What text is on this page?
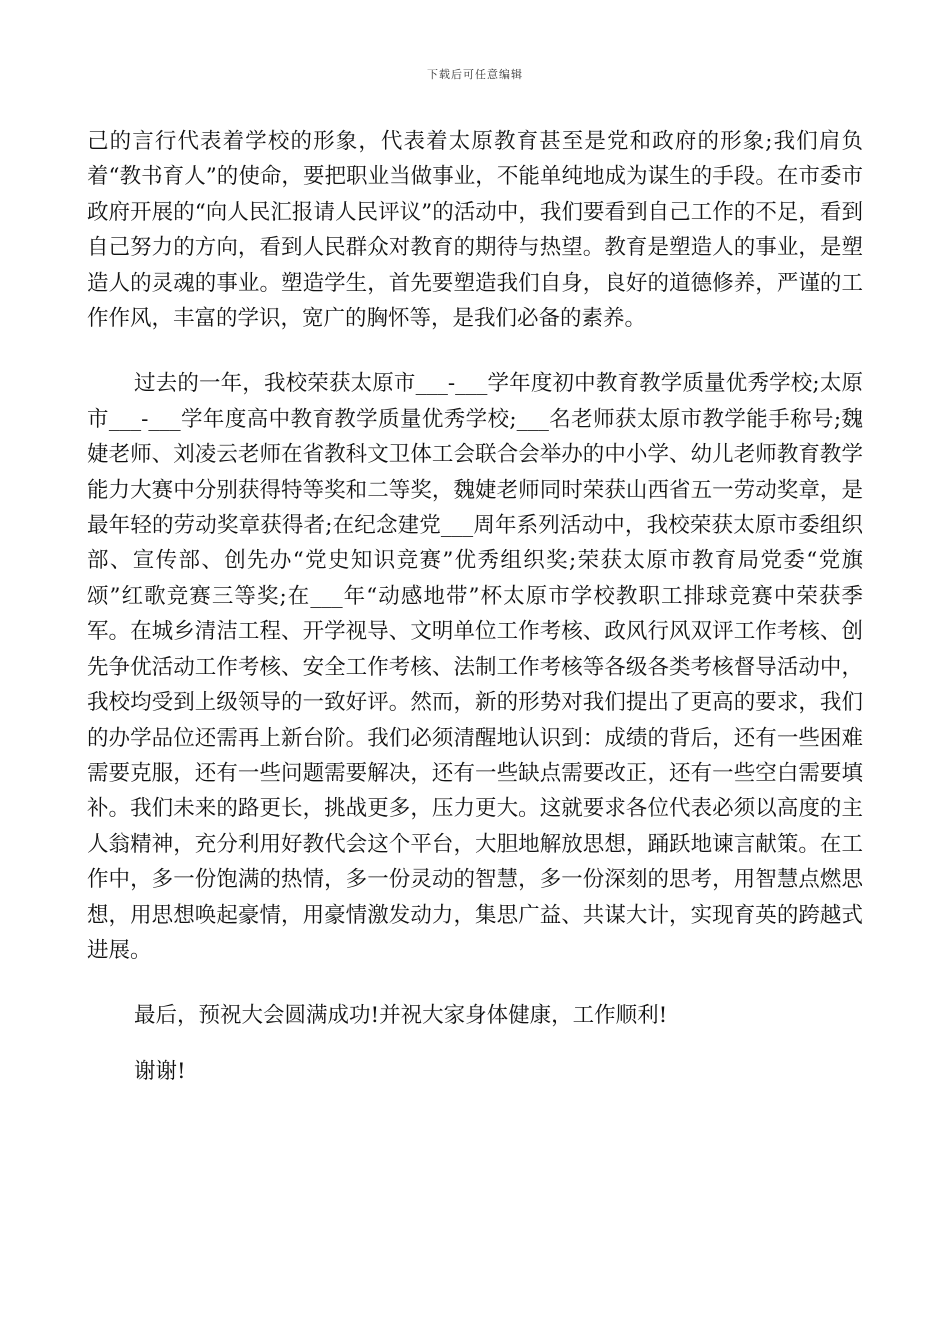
下载后可任意编辑

己的言行代表着学校的形象，代表着太原教育甚至是党和政府的形象;我们肩负着“教书育人”的使命，要把职业当做事业，不能单纯地成为谋生的手段。在市委市政府开展的“向人民汇报请人民评议”的活动中，我们要看到自己工作的不足，看到自己努力的方向，看到人民群众对教育的期待与热望。教育是塑造人的事业，是塑造人的灵魂的事业。塑造学生，首先要塑造我们自身，良好的道德修养，严谨的工作作风，丰富的学识，宽广的胸怀等，是我们必备的素养。

过去的一年，我校荣获太原市___-___学年度初中教育教学质量优秀学校;太原市___-___学年度高中教育教学质量优秀学校;___名老师获太原市教学能手称号;魏婕老师、刘凌云老师在省教科文卫体工会联合会举办的中小学、幼儿老师教育教学能力大赛中分别获得特等奖和二等奖，魏婕老师同时荣获山西省五一劳动奖章，是最年轻的劳动奖章获得者;在纪念建党___周年系列活动中，我校荣获太原市委组织部、宣传部、创先办“党史知识竞赛”优秀组织奖;荣获太原市教育局党委“党旗颂”红歌竞赛三等奖;在___年“动感地带”杯太原市学校教职工排球竞赛中荣获季军。在城乡清洁工程、开学视导、文明单位工作考核、政风行风双评工作考核、创先争优活动工作考核、安全工作考核、法制工作考核等各级各类考核督导活动中，我校均受到上级领导的一致好评。然而，新的形势对我们提出了更高的要求，我们的办学品位还需再上新台阶。我们必须清醒地认识到：成绩的背后，还有一些困难需要克服，还有一些问题需要解决，还有一些缺点需要改正，还有一些空白需要填补。我们未来的路更长，挑战更多，压力更大。这就要求各位代表必须以高度的主人翁精神，充分利用好教代会这个平台，大胆地解放思想，踊跃地谏言献策。在工作中，多一份饱满的热情，多一份灵动的智慧，多一份深刻的思考，用智慧点燃思想，用思想唤起豪情，用豪情激发动力，集思广益、共谋大计，实现育英的跨越式进展。

最后，预祝大会圆满成功!并祝大家身体健康，工作顺利!

谢谢!
